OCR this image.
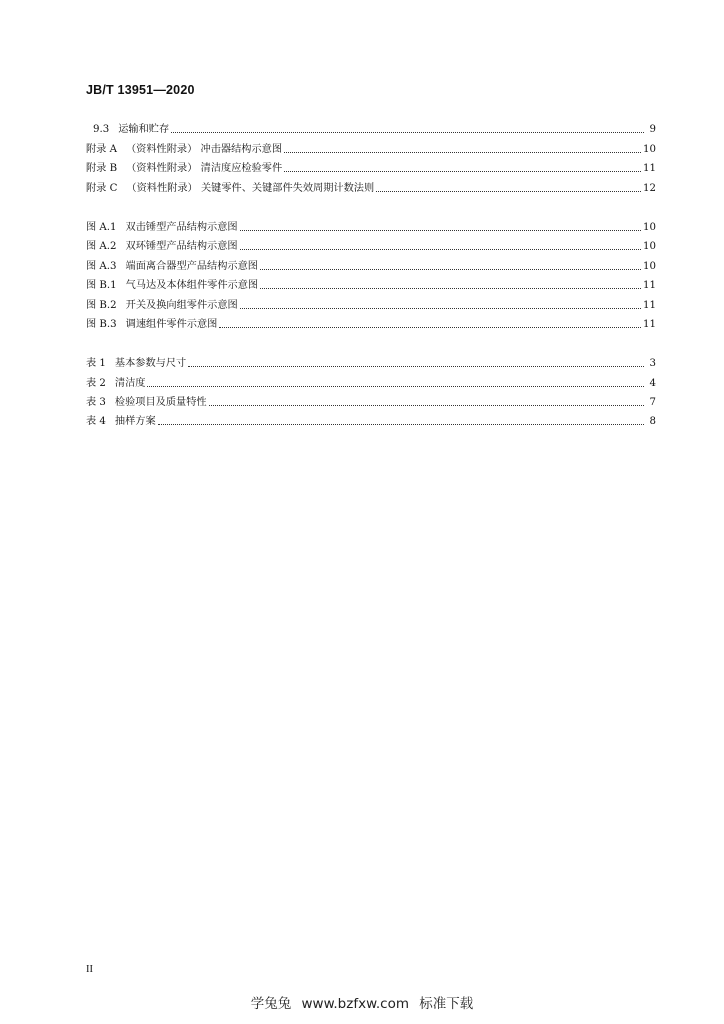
JB/T 13951—2020
9.3 运输和贮存	9
附录 A （资料性附录） 冲击器结构示意图	10
附录 B （资料性附录） 清洁度应检验零件	11
附录 C （资料性附录） 关键零件、关键部件失效周期计数法则	12
图 A.1 双击锤型产品结构示意图	10
图 A.2 双环锤型产品结构示意图	10
图 A.3 端面离合器型产品结构示意图	10
图 B.1 气马达及本体组件零件示意图	11
图 B.2 开关及换向组零件示意图	11
图 B.3 调速组件零件示意图	11
表 1 基本参数与尺寸	3
表 2 清洁度	4
表 3 检验项目及质量特性	7
表 4 抽样方案	8
II
学兔兔 www.bzfxw.com 标准下载
